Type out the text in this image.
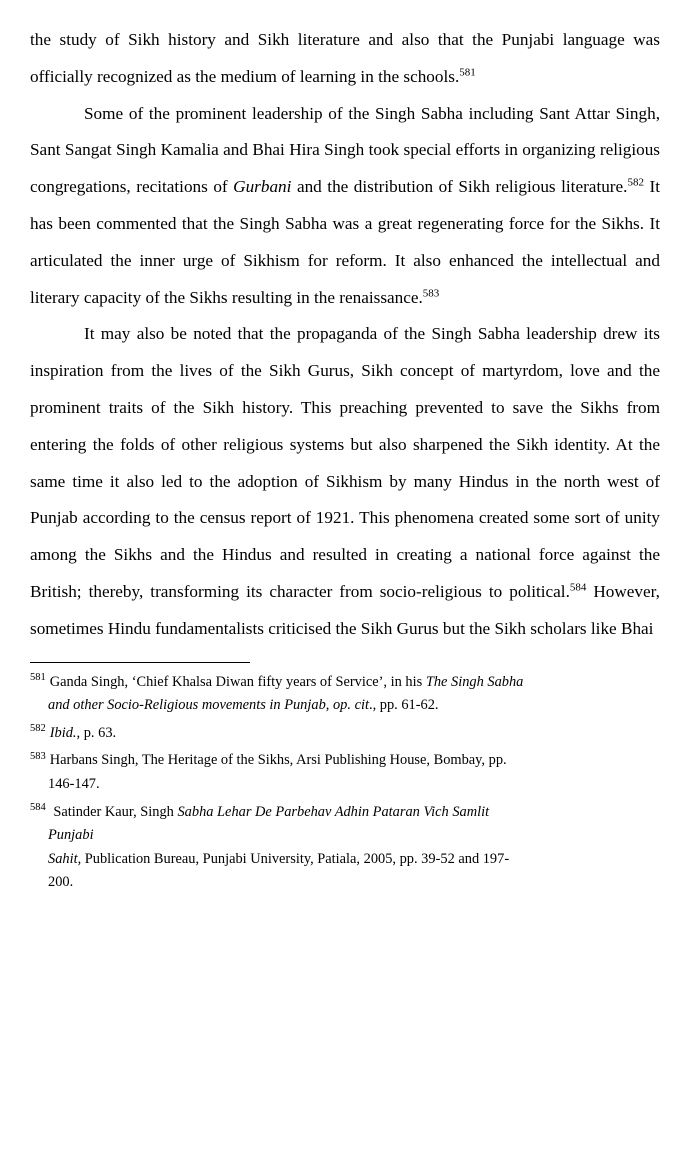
the study of Sikh history and Sikh literature and also that the Punjabi language was officially recognized as the medium of learning in the schools.$^{581}$

Some of the prominent leadership of the Singh Sabha including Sant Attar Singh, Sant Sangat Singh Kamalia and Bhai Hira Singh took special efforts in organizing religious congregations, recitations of Gurbani and the distribution of Sikh religious literature.$^{582}$ It has been commented that the Singh Sabha was a great regenerating force for the Sikhs. It articulated the inner urge of Sikhism for reform. It also enhanced the intellectual and literary capacity of the Sikhs resulting in the renaissance.$^{583}$

It may also be noted that the propaganda of the Singh Sabha leadership drew its inspiration from the lives of the Sikh Gurus, Sikh concept of martyrdom, love and the prominent traits of the Sikh history. This preaching prevented to save the Sikhs from entering the folds of other religious systems but also sharpened the Sikh identity. At the same time it also led to the adoption of Sikhism by many Hindus in the north west of Punjab according to the census report of 1921. This phenomena created some sort of unity among the Sikhs and the Hindus and resulted in creating a national force against the British; thereby, transforming its character from socio-religious to political.$^{584}$ However, sometimes Hindu fundamentalists criticised the Sikh Gurus but the Sikh scholars like Bhai

$^{581}$ Ganda Singh, ‘Chief Khalsa Diwan fifty years of Service’, in his The Singh Sabha
and other Socio-Religious movements in Punjab, op. cit., pp. 61-62.
$^{582}$ Ibid., p. 63.
$^{583}$ Harbans Singh, The Heritage of the Sikhs, Arsi Publishing House, Bombay, pp.
146-147.
$^{584}$ Satinder Kaur, Singh Sabha Lehar De Parbehav Adhin Pataran Vich Samlit
Punjabi
Sahit, Publication Bureau, Punjabi University, Patiala, 2005, pp. 39-52 and 197-
200.
